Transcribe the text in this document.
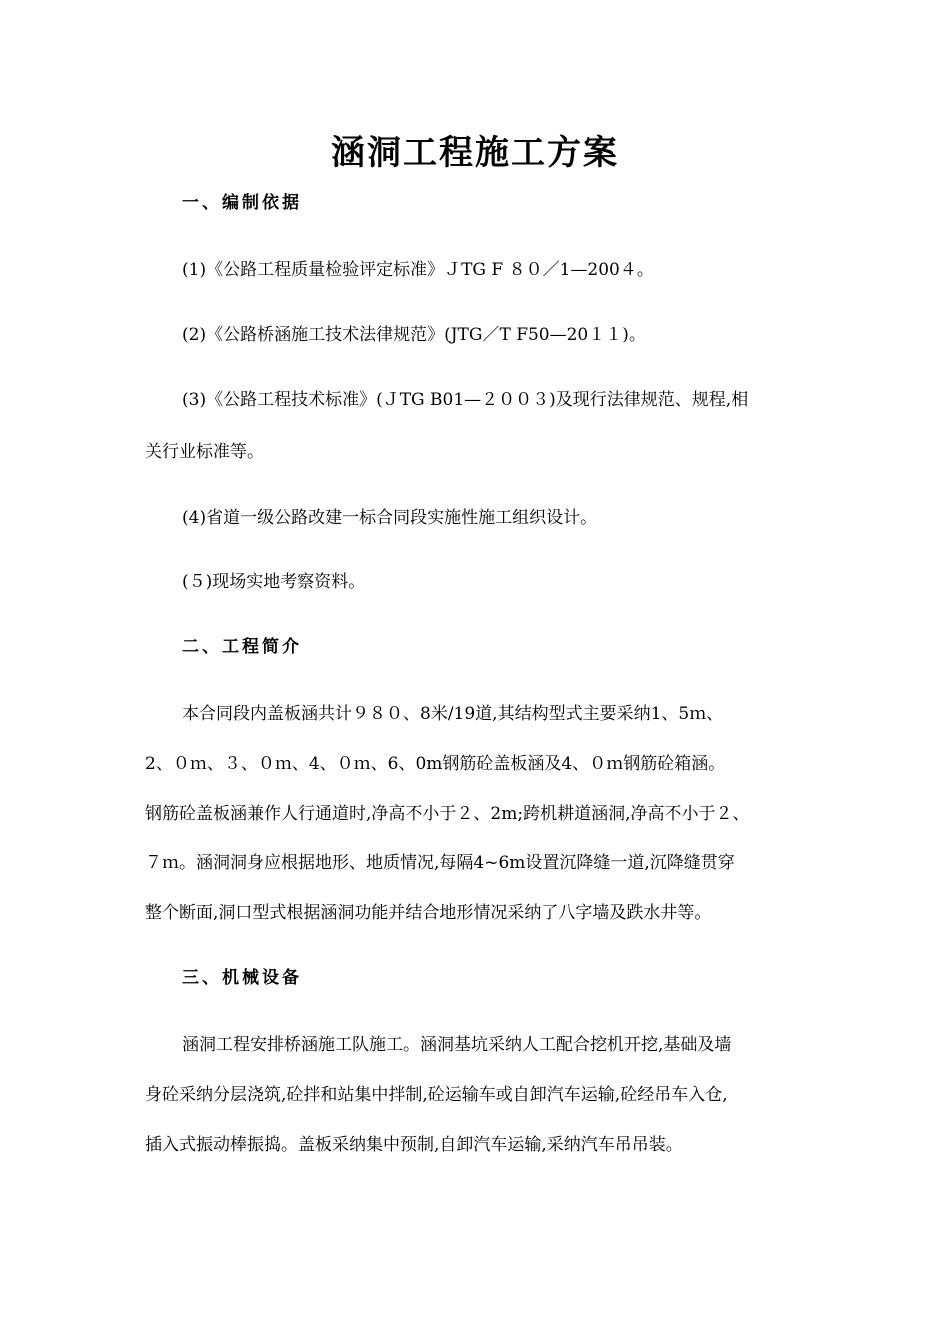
涵洞工程施工方案
一、编制依据
(1)《公路工程质量检验评定标准》ＪTG F ８０／1—200４。
(2)《公路桥涵施工技术法律规范》(JTG／T F50—20１１)。
(3)《公路工程技术标准》(ＪTG B01—２００３)及现行法律规范、规程,相
关行业标准等。
(4)省道一级公路改建一标合同段实施性施工组织设计。
(５)现场实地考察资料。
二、工程简介
本合同段内盖板涵共计９８０、8米/19道,其结构型式主要采纳1、5ｍ、
2、０ｍ、３、０ｍ、4、０ｍ、6、0m钢筋砼盖板涵及4、０ｍ钢筋砼箱涵。
钢筋砼盖板涵兼作人行通道时,净高不小于２、2m;跨机耕道涵洞,净高不小于２、
７ｍ。涵洞洞身应根据地形、地质情况,每隔4~6m设置沉降缝一道,沉降缝贯穿
整个断面,洞口型式根据涵洞功能并结合地形情况采纳了八字墙及跌水井等。
三、机械设备
涵洞工程安排桥涵施工队施工。涵洞基坑采纳人工配合挖机开挖,基础及墙
身砼采纳分层浇筑,砼拌和站集中拌制,砼运输车或自卸汽车运输,砼经吊车入仓,
插入式振动棒振捣。盖板采纳集中预制,自卸汽车运输,采纳汽车吊吊装。
